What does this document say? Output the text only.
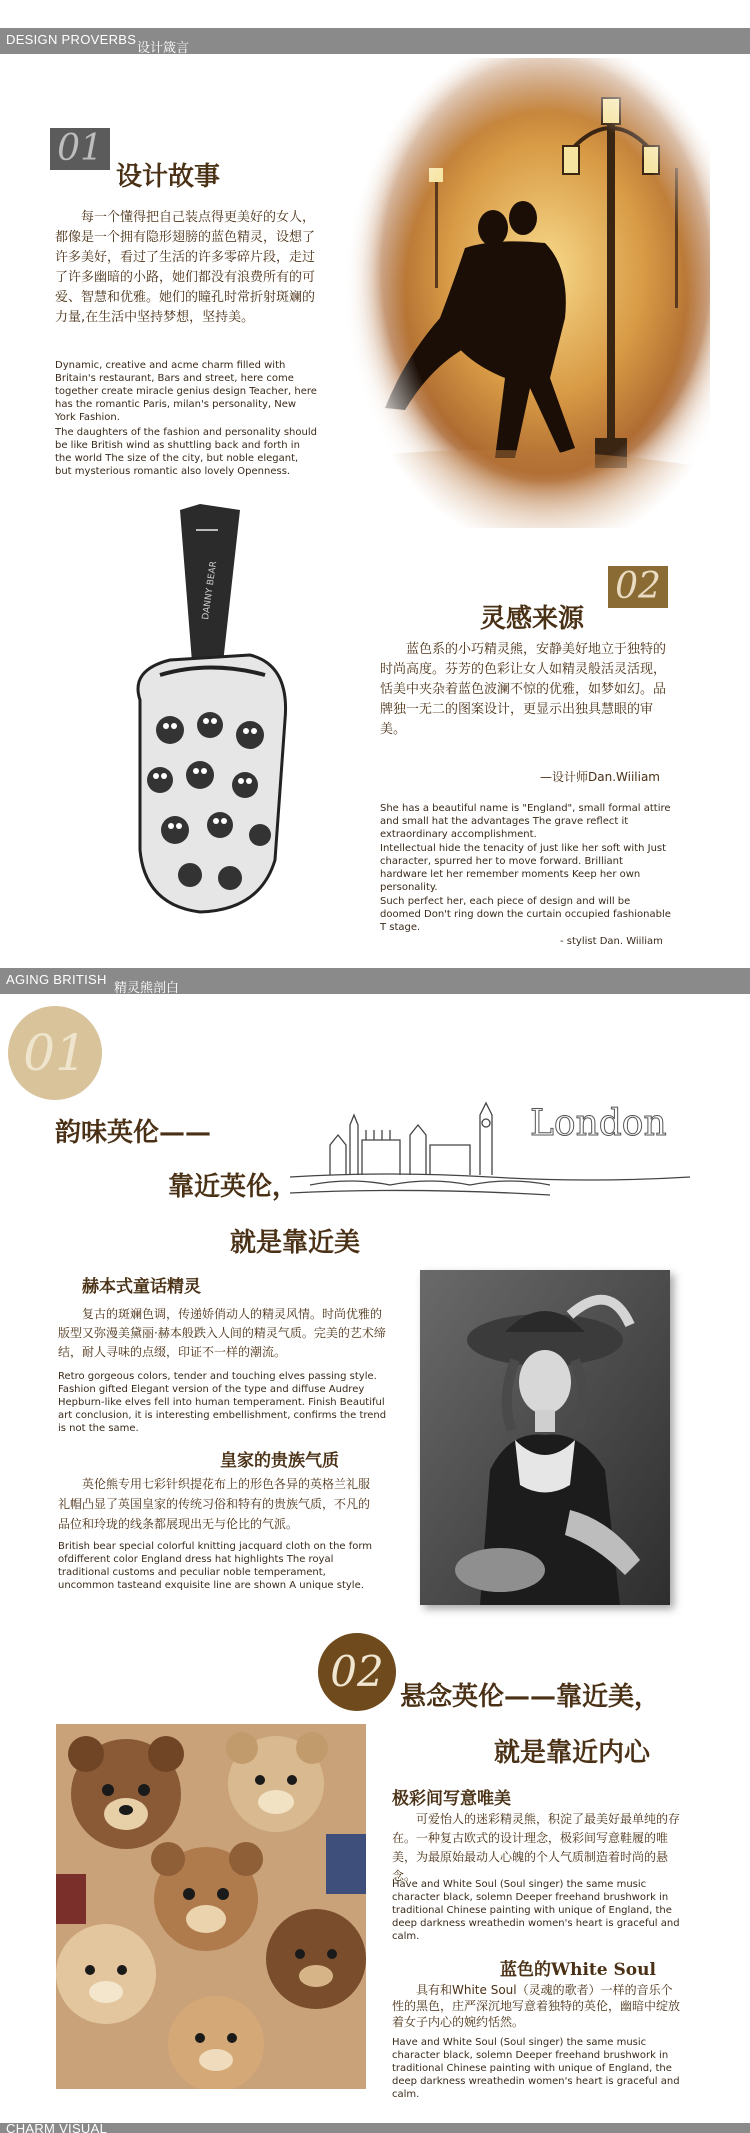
DESIGN PROVERBS
设计箴言
01
设计故事
每一个懂得把自己装点得更美好的女人，都像是一个拥有隐形翅膀的蓝色精灵，设想了许多美好，看过了生活的许多零碎片段，走过了许多幽暗的小路，她们都没有浪费所有的可爱、智慧和优雅。她们的瞳孔时常折射斑斓的力量,在生活中坚持梦想，坚持美。
Dynamic, creative and acme charm filled with Britain's restaurant, Bars and street, here come together create miracle genius design Teacher, here has the romantic Paris, milan's personality, New York Fashion.
The daughters of the fashion and personality should be like British wind as shuttling back and forth in the world The size of the city, but noble elegant, but mysterious romantic also lovely Openness.
DANNY BEAR	灵感来源
02
蓝色系的小巧精灵熊，安静美好地立于独特的时尚高度。芬芳的色彩让女人如精灵般活灵活现，恬美中夹杂着蓝色波澜不惊的优雅，如梦如幻。品牌独一无二的图案设计，更显示出独具慧眼的审美。
—设计师Dan.Wiiliam
She has a beautiful name is "England", small formal attire and small hat the advantages The grave reflect it extraordinary accomplishment.
Intellectual hide the tenacity of just like her soft with Just character, spurred her to move forward. Brilliant hardware let her remember moments Keep her own personality.
Such perfect her, each piece of design and will be doomed Don't ring down the curtain occupied fashionable T stage.
- stylist Dan. Wiiliam
AGING BRITISH
精灵熊剖白
01
韵味英伦——
靠近英伦，
就是靠近美
London
赫本式童话精灵
复古的斑斓色调，传递娇俏动人的精灵风情。时尚优雅的版型又弥漫美黛丽·赫本般跌入人间的精灵气质。完美的艺术缔结，耐人寻味的点缀，印证不一样的潮流。
Retro gorgeous colors, tender and touching elves passing style. Fashion gifted Elegant version of the type and diffuse Audrey Hepburn-like elves fell into human temperament. Finish Beautiful art conclusion, it is interesting embellishment, confirms the trend is not the same.
皇家的贵族气质
英伦熊专用七彩针织提花布上的形色各异的英格兰礼服礼帽凸显了英国皇家的传统习俗和特有的贵族气质，不凡的品位和玲珑的线条都展现出无与伦比的气派。
British bear special colorful knitting jacquard cloth on the form ofdifferent color England dress hat highlights The royal traditional customs and peculiar noble temperament, uncommon tasteand exquisite line are shown A unique style.
02
悬念英伦——靠近美，
就是靠近内心
极彩间写意唯美
可爱怡人的迷彩精灵熊，积淀了最美好最单纯的存在。一种复古欧式的设计理念，极彩间写意鞋履的唯美，为最原始最动人心魄的个人气质制造着时尚的悬念。
Have and White Soul (Soul singer) the same music character black, solemn Deeper freehand brushwork in traditional Chinese painting with unique of England, the deep darkness wreathedin women's heart is graceful and calm.
蓝色的White Soul
具有和White Soul（灵魂的歌者）一样的音乐个性的黑色，庄严深沉地写意着独特的英伦，幽暗中绽放着女子内心的婉约恬然。
Have and White Soul (Soul singer) the same music character black, solemn Deeper freehand brushwork in traditional Chinese painting with unique of England, the deep darkness wreathedin women's heart is graceful and calm.
CHARM VISUAL
